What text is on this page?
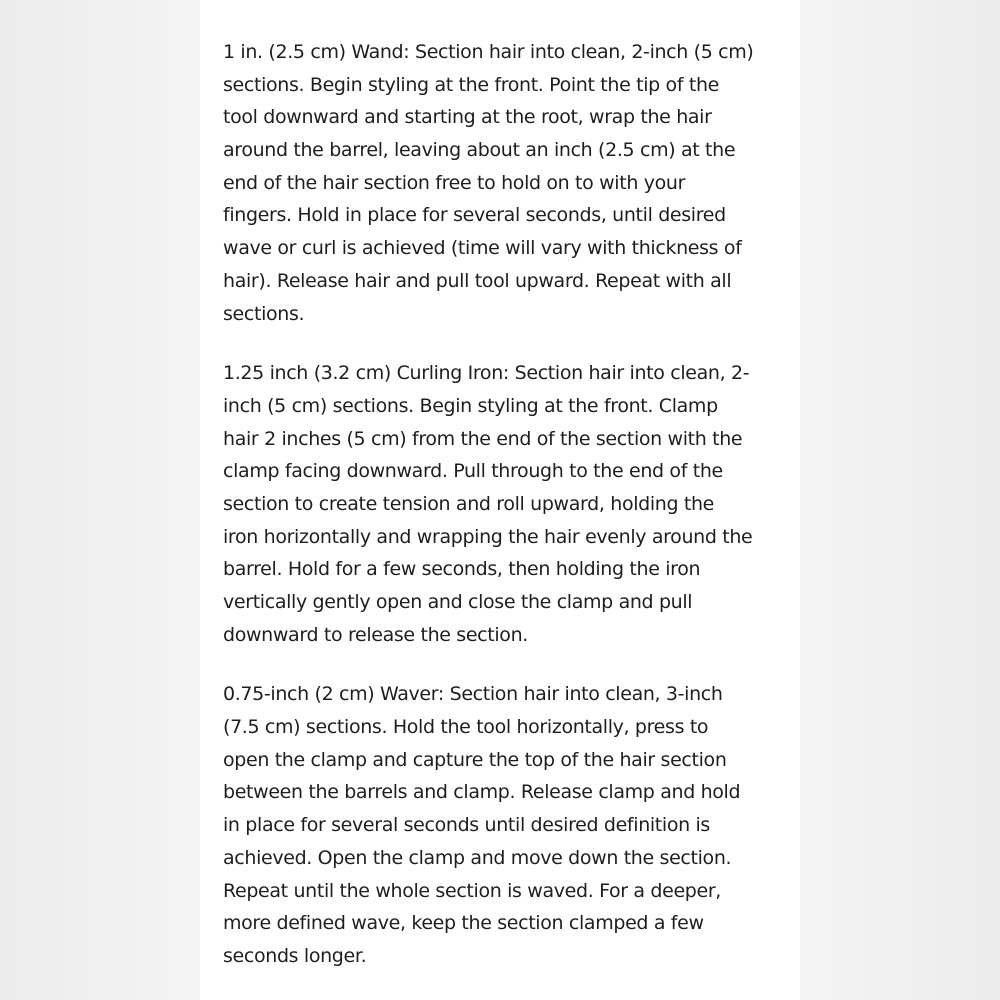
1 in. (2.5 cm) Wand: Section hair into clean, 2-inch (5 cm)
sections. Begin styling at the front. Point the tip of the
tool downward and starting at the root, wrap the hair
around the barrel, leaving about an inch (2.5 cm) at the
end of the hair section free to hold on to with your
fingers. Hold in place for several seconds, until desired
wave or curl is achieved (time will vary with thickness of
hair). Release hair and pull tool upward. Repeat with all
sections.
1.25 inch (3.2 cm) Curling Iron: Section hair into clean, 2-
inch (5 cm) sections. Begin styling at the front. Clamp
hair 2 inches (5 cm) from the end of the section with the
clamp facing downward. Pull through to the end of the
section to create tension and roll upward, holding the
iron horizontally and wrapping the hair evenly around the
barrel. Hold for a few seconds, then holding the iron
vertically gently open and close the clamp and pull
downward to release the section.
0.75-inch (2 cm) Waver: Section hair into clean, 3-inch
(7.5 cm) sections. Hold the tool horizontally, press to
open the clamp and capture the top of the hair section
between the barrels and clamp. Release clamp and hold
in place for several seconds until desired definition is
achieved. Open the clamp and move down the section.
Repeat until the whole section is waved. For a deeper,
more defined wave, keep the section clamped a few
seconds longer.
